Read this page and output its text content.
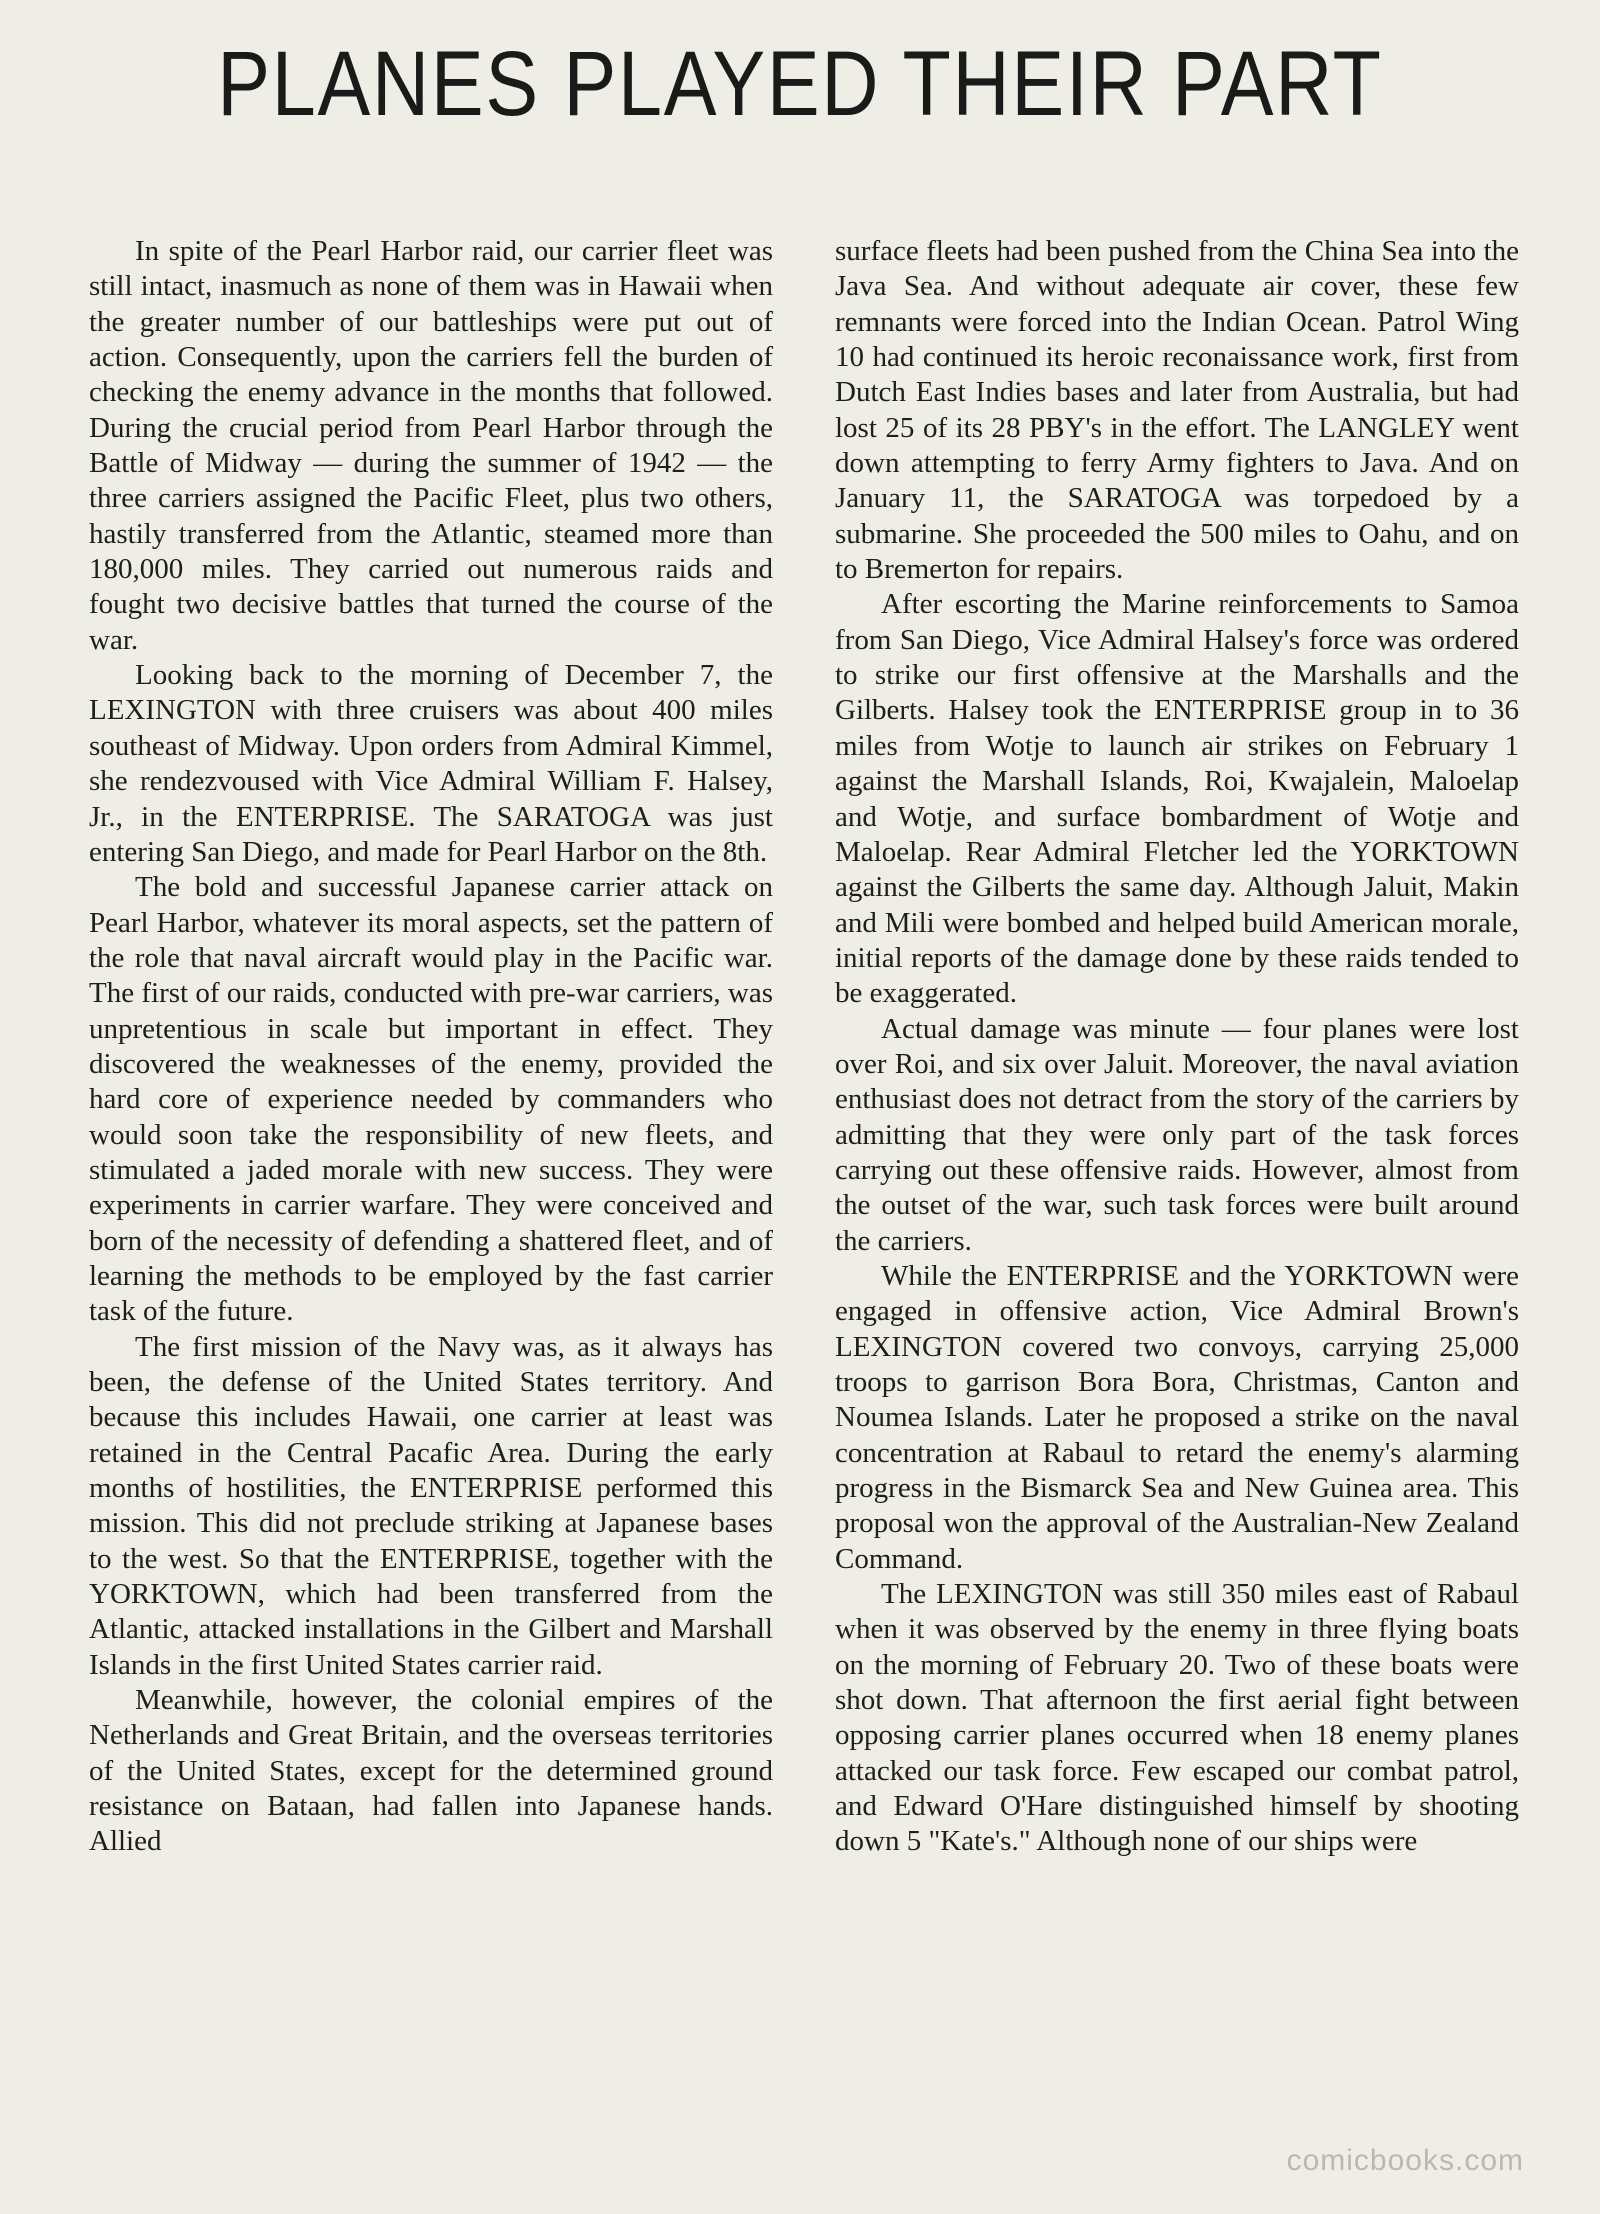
PLANES PLAYED THEIR PART

In spite of the Pearl Harbor raid, our carrier fleet was still intact, inasmuch as none of them was in Hawaii when the greater number of our battleships were put out of action. Consequently, upon the carriers fell the burden of checking the enemy advance in the months that followed. During the crucial period from Pearl Harbor through the Battle of Midway — during the summer of 1942 — the three carriers assigned the Pacific Fleet, plus two others, hastily transferred from the Atlantic, steamed more than 180,000 miles. They carried out numerous raids and fought two decisive battles that turned the course of the war.

Looking back to the morning of December 7, the LEXINGTON with three cruisers was about 400 miles southeast of Midway. Upon orders from Admiral Kimmel, she rendezvoused with Vice Admiral William F. Halsey, Jr., in the ENTERPRISE. The SARATOGA was just entering San Diego, and made for Pearl Harbor on the 8th.

The bold and successful Japanese carrier attack on Pearl Harbor, whatever its moral aspects, set the pattern of the role that naval aircraft would play in the Pacific war. The first of our raids, conducted with pre-war carriers, was unpretentious in scale but important in effect. They discovered the weaknesses of the enemy, provided the hard core of experience needed by commanders who would soon take the responsibility of new fleets, and stimulated a jaded morale with new success. They were experiments in carrier warfare. They were conceived and born of the necessity of defending a shattered fleet, and of learning the methods to be employed by the fast carrier task of the future.

The first mission of the Navy was, as it always has been, the defense of the United States territory. And because this includes Hawaii, one carrier at least was retained in the Central Pacafic Area. During the early months of hostilities, the ENTERPRISE performed this mission. This did not preclude striking at Japanese bases to the west. So that the ENTERPRISE, together with the YORKTOWN, which had been transferred from the Atlantic, attacked installations in the Gilbert and Marshall Islands in the first United States carrier raid.

Meanwhile, however, the colonial empires of the Netherlands and Great Britain, and the overseas territories of the United States, except for the determined ground resistance on Bataan, had fallen into Japanese hands. Allied

surface fleets had been pushed from the China Sea into the Java Sea. And without adequate air cover, these few remnants were forced into the Indian Ocean. Patrol Wing 10 had continued its heroic reconaissance work, first from Dutch East Indies bases and later from Australia, but had lost 25 of its 28 PBY's in the effort. The LANGLEY went down attempting to ferry Army fighters to Java. And on January 11, the SARATOGA was torpedoed by a submarine. She proceeded the 500 miles to Oahu, and on to Bremerton for repairs.

After escorting the Marine reinforcements to Samoa from San Diego, Vice Admiral Halsey's force was ordered to strike our first offensive at the Marshalls and the Gilberts. Halsey took the ENTERPRISE group in to 36 miles from Wotje to launch air strikes on February 1 against the Marshall Islands, Roi, Kwajalein, Maloelap and Wotje, and surface bombardment of Wotje and Maloelap. Rear Admiral Fletcher led the YORKTOWN against the Gilberts the same day. Although Jaluit, Makin and Mili were bombed and helped build American morale, initial reports of the damage done by these raids tended to be exaggerated.

Actual damage was minute — four planes were lost over Roi, and six over Jaluit. Moreover, the naval aviation enthusiast does not detract from the story of the carriers by admitting that they were only part of the task forces carrying out these offensive raids. However, almost from the outset of the war, such task forces were built around the carriers.

While the ENTERPRISE and the YORKTOWN were engaged in offensive action, Vice Admiral Brown's LEXINGTON covered two convoys, carrying 25,000 troops to garrison Bora Bora, Christmas, Canton and Noumea Islands. Later he proposed a strike on the naval concentration at Rabaul to retard the enemy's alarming progress in the Bismarck Sea and New Guinea area. This proposal won the approval of the Australian-New Zealand Command.

The LEXINGTON was still 350 miles east of Rabaul when it was observed by the enemy in three flying boats on the morning of February 20. Two of these boats were shot down. That afternoon the first aerial fight between opposing carrier planes occurred when 18 enemy planes attacked our task force. Few escaped our combat patrol, and Edward O'Hare distinguished himself by shooting down 5 "Kate's." Although none of our ships were

comicbooks.com
